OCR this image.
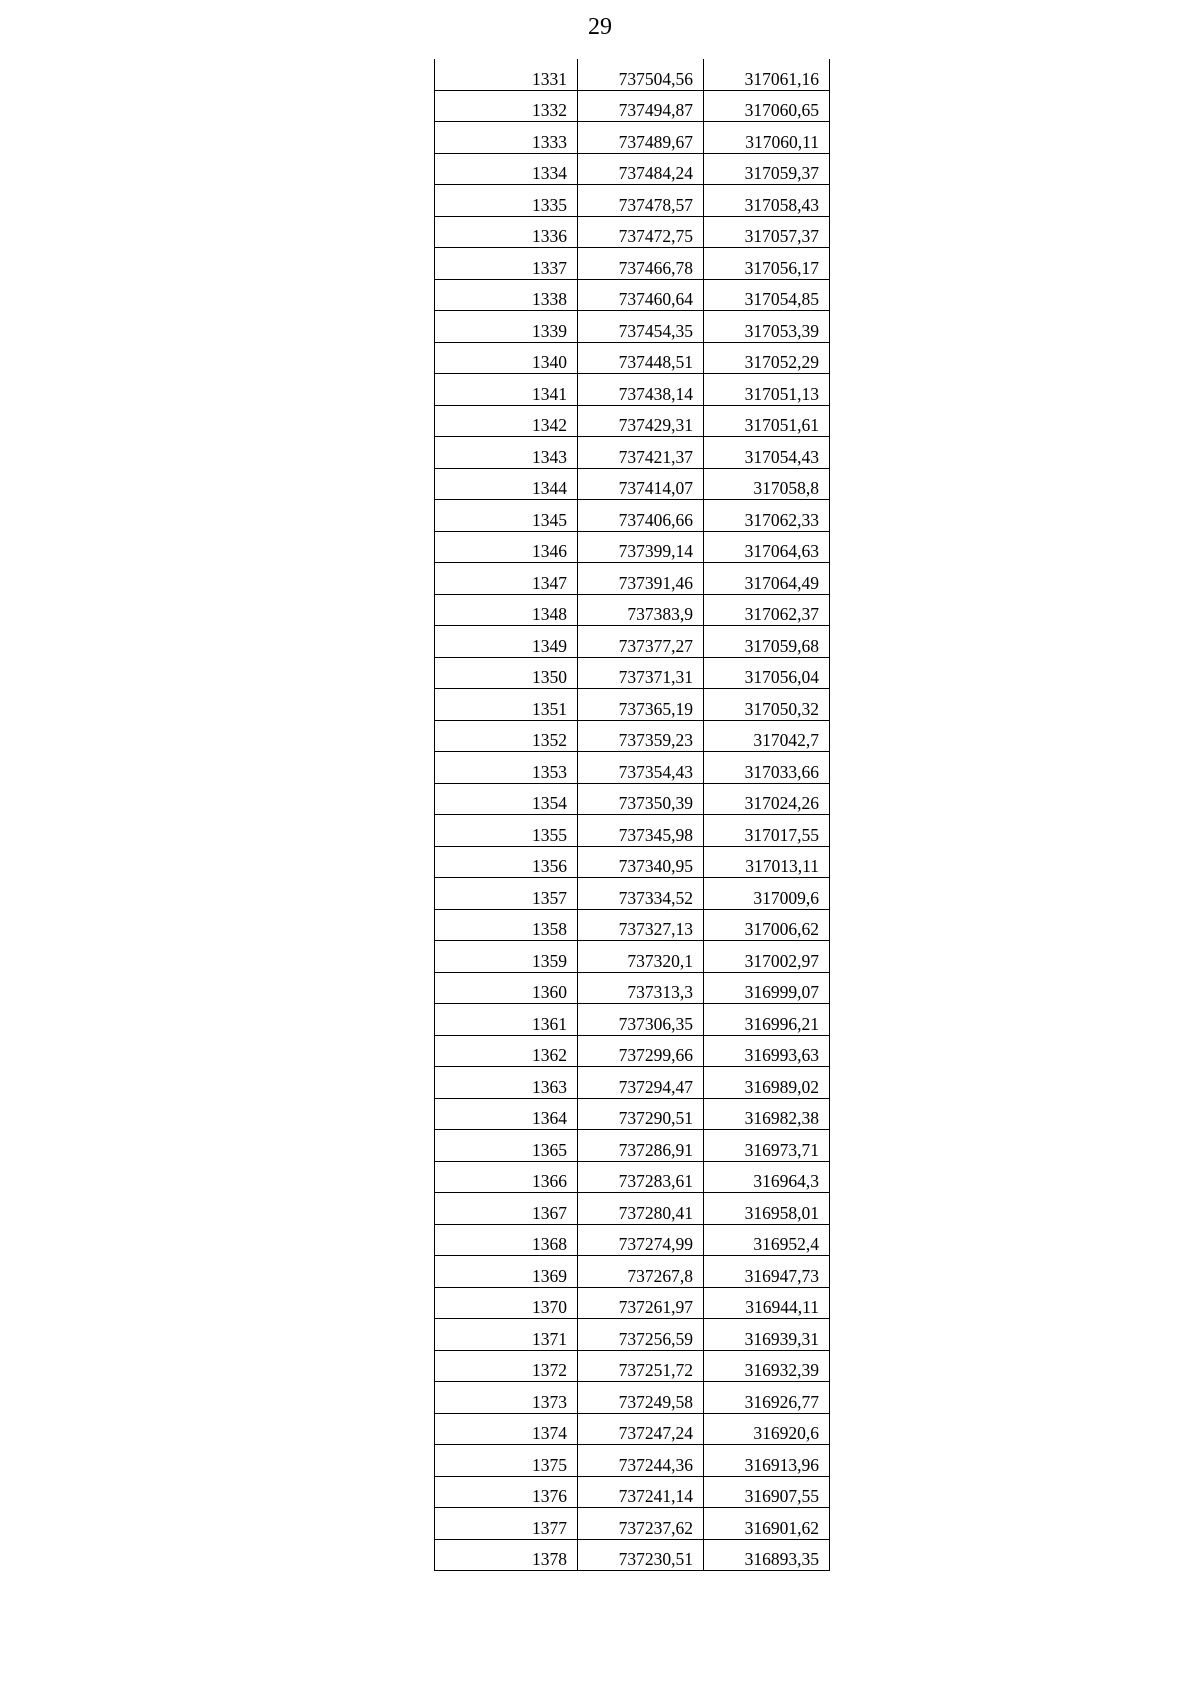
29
1331	737504,56	317061,16
1332	737494,87	317060,65
1333	737489,67	317060,11
1334	737484,24	317059,37
1335	737478,57	317058,43
1336	737472,75	317057,37
1337	737466,78	317056,17
1338	737460,64	317054,85
1339	737454,35	317053,39
1340	737448,51	317052,29
1341	737438,14	317051,13
1342	737429,31	317051,61
1343	737421,37	317054,43
1344	737414,07	317058,8
1345	737406,66	317062,33
1346	737399,14	317064,63
1347	737391,46	317064,49
1348	737383,9	317062,37
1349	737377,27	317059,68
1350	737371,31	317056,04
1351	737365,19	317050,32
1352	737359,23	317042,7
1353	737354,43	317033,66
1354	737350,39	317024,26
1355	737345,98	317017,55
1356	737340,95	317013,11
1357	737334,52	317009,6
1358	737327,13	317006,62
1359	737320,1	317002,97
1360	737313,3	316999,07
1361	737306,35	316996,21
1362	737299,66	316993,63
1363	737294,47	316989,02
1364	737290,51	316982,38
1365	737286,91	316973,71
1366	737283,61	316964,3
1367	737280,41	316958,01
1368	737274,99	316952,4
1369	737267,8	316947,73
1370	737261,97	316944,11
1371	737256,59	316939,31
1372	737251,72	316932,39
1373	737249,58	316926,77
1374	737247,24	316920,6
1375	737244,36	316913,96
1376	737241,14	316907,55
1377	737237,62	316901,62
1378	737230,51	316893,35
